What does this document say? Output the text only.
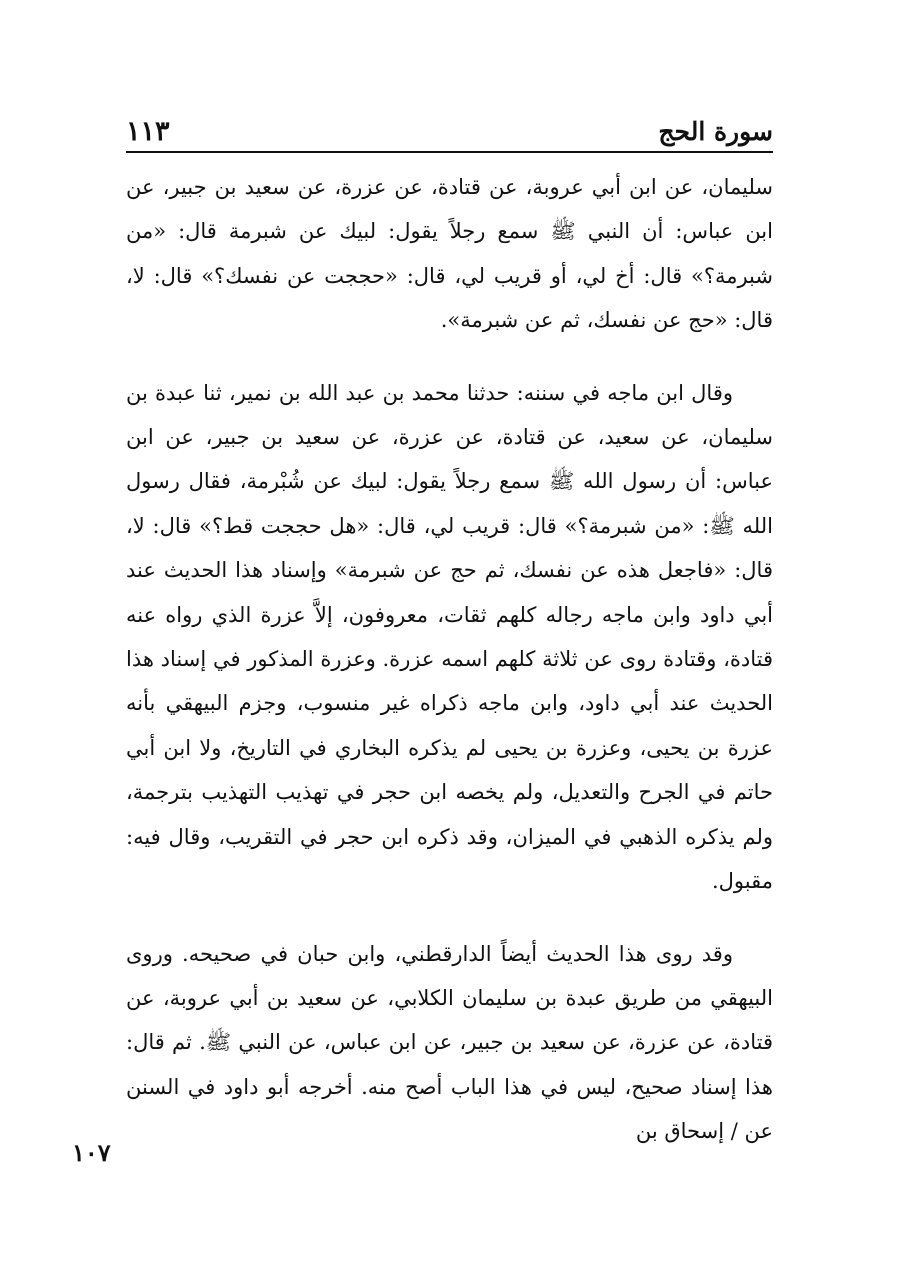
سورة الحج
١١٣

سليمان، عن ابن أبي عروبة، عن قتادة، عن عزرة، عن سعيد بن جبير، عن ابن عباس: أن النبي ﷺ سمع رجلاً يقول: لبيك عن شبرمة قال: «من شبرمة؟» قال: أخ لي، أو قريب لي، قال: «حججت عن نفسك؟» قال: لا، قال: «حج عن نفسك، ثم عن شبرمة».

وقال ابن ماجه في سننه: حدثنا محمد بن عبد الله بن نمير، ثنا عبدة بن سليمان، عن سعيد، عن قتادة، عن عزرة، عن سعيد بن جبير، عن ابن عباس: أن رسول الله ﷺ سمع رجلاً يقول: لبيك عن شُبْرمة، فقال رسول الله ﷺ: «من شبرمة؟» قال: قريب لي، قال: «هل حججت قط؟» قال: لا، قال: «فاجعل هذه عن نفسك، ثم حج عن شبرمة» وإسناد هذا الحديث عند أبي داود وابن ماجه رجاله كلهم ثقات، معروفون، إلاَّ عزرة الذي رواه عنه قتادة، وقتادة روى عن ثلاثة كلهم اسمه عزرة. وعزرة المذكور في إسناد هذا الحديث عند أبي داود، وابن ماجه ذكراه غير منسوب، وجزم البيهقي بأنه عزرة بن يحيى، وعزرة بن يحيى لم يذكره البخاري في التاريخ، ولا ابن أبي حاتم في الجرح والتعديل، ولم يخصه ابن حجر في تهذيب التهذيب بترجمة، ولم يذكره الذهبي في الميزان، وقد ذكره ابن حجر في التقريب، وقال فيه: مقبول.

وقد روى هذا الحديث أيضاً الدارقطني، وابن حبان في صحيحه. وروى البيهقي من طريق عبدة بن سليمان الكلابي، عن سعيد بن أبي عروبة، عن قتادة، عن عزرة، عن سعيد بن جبير، عن ابن عباس، عن النبي ﷺ. ثم قال: هذا إسناد صحيح، ليس في هذا الباب أصح منه. أخرجه أبو داود في السنن عن / إسحاق بن

١٠٧
